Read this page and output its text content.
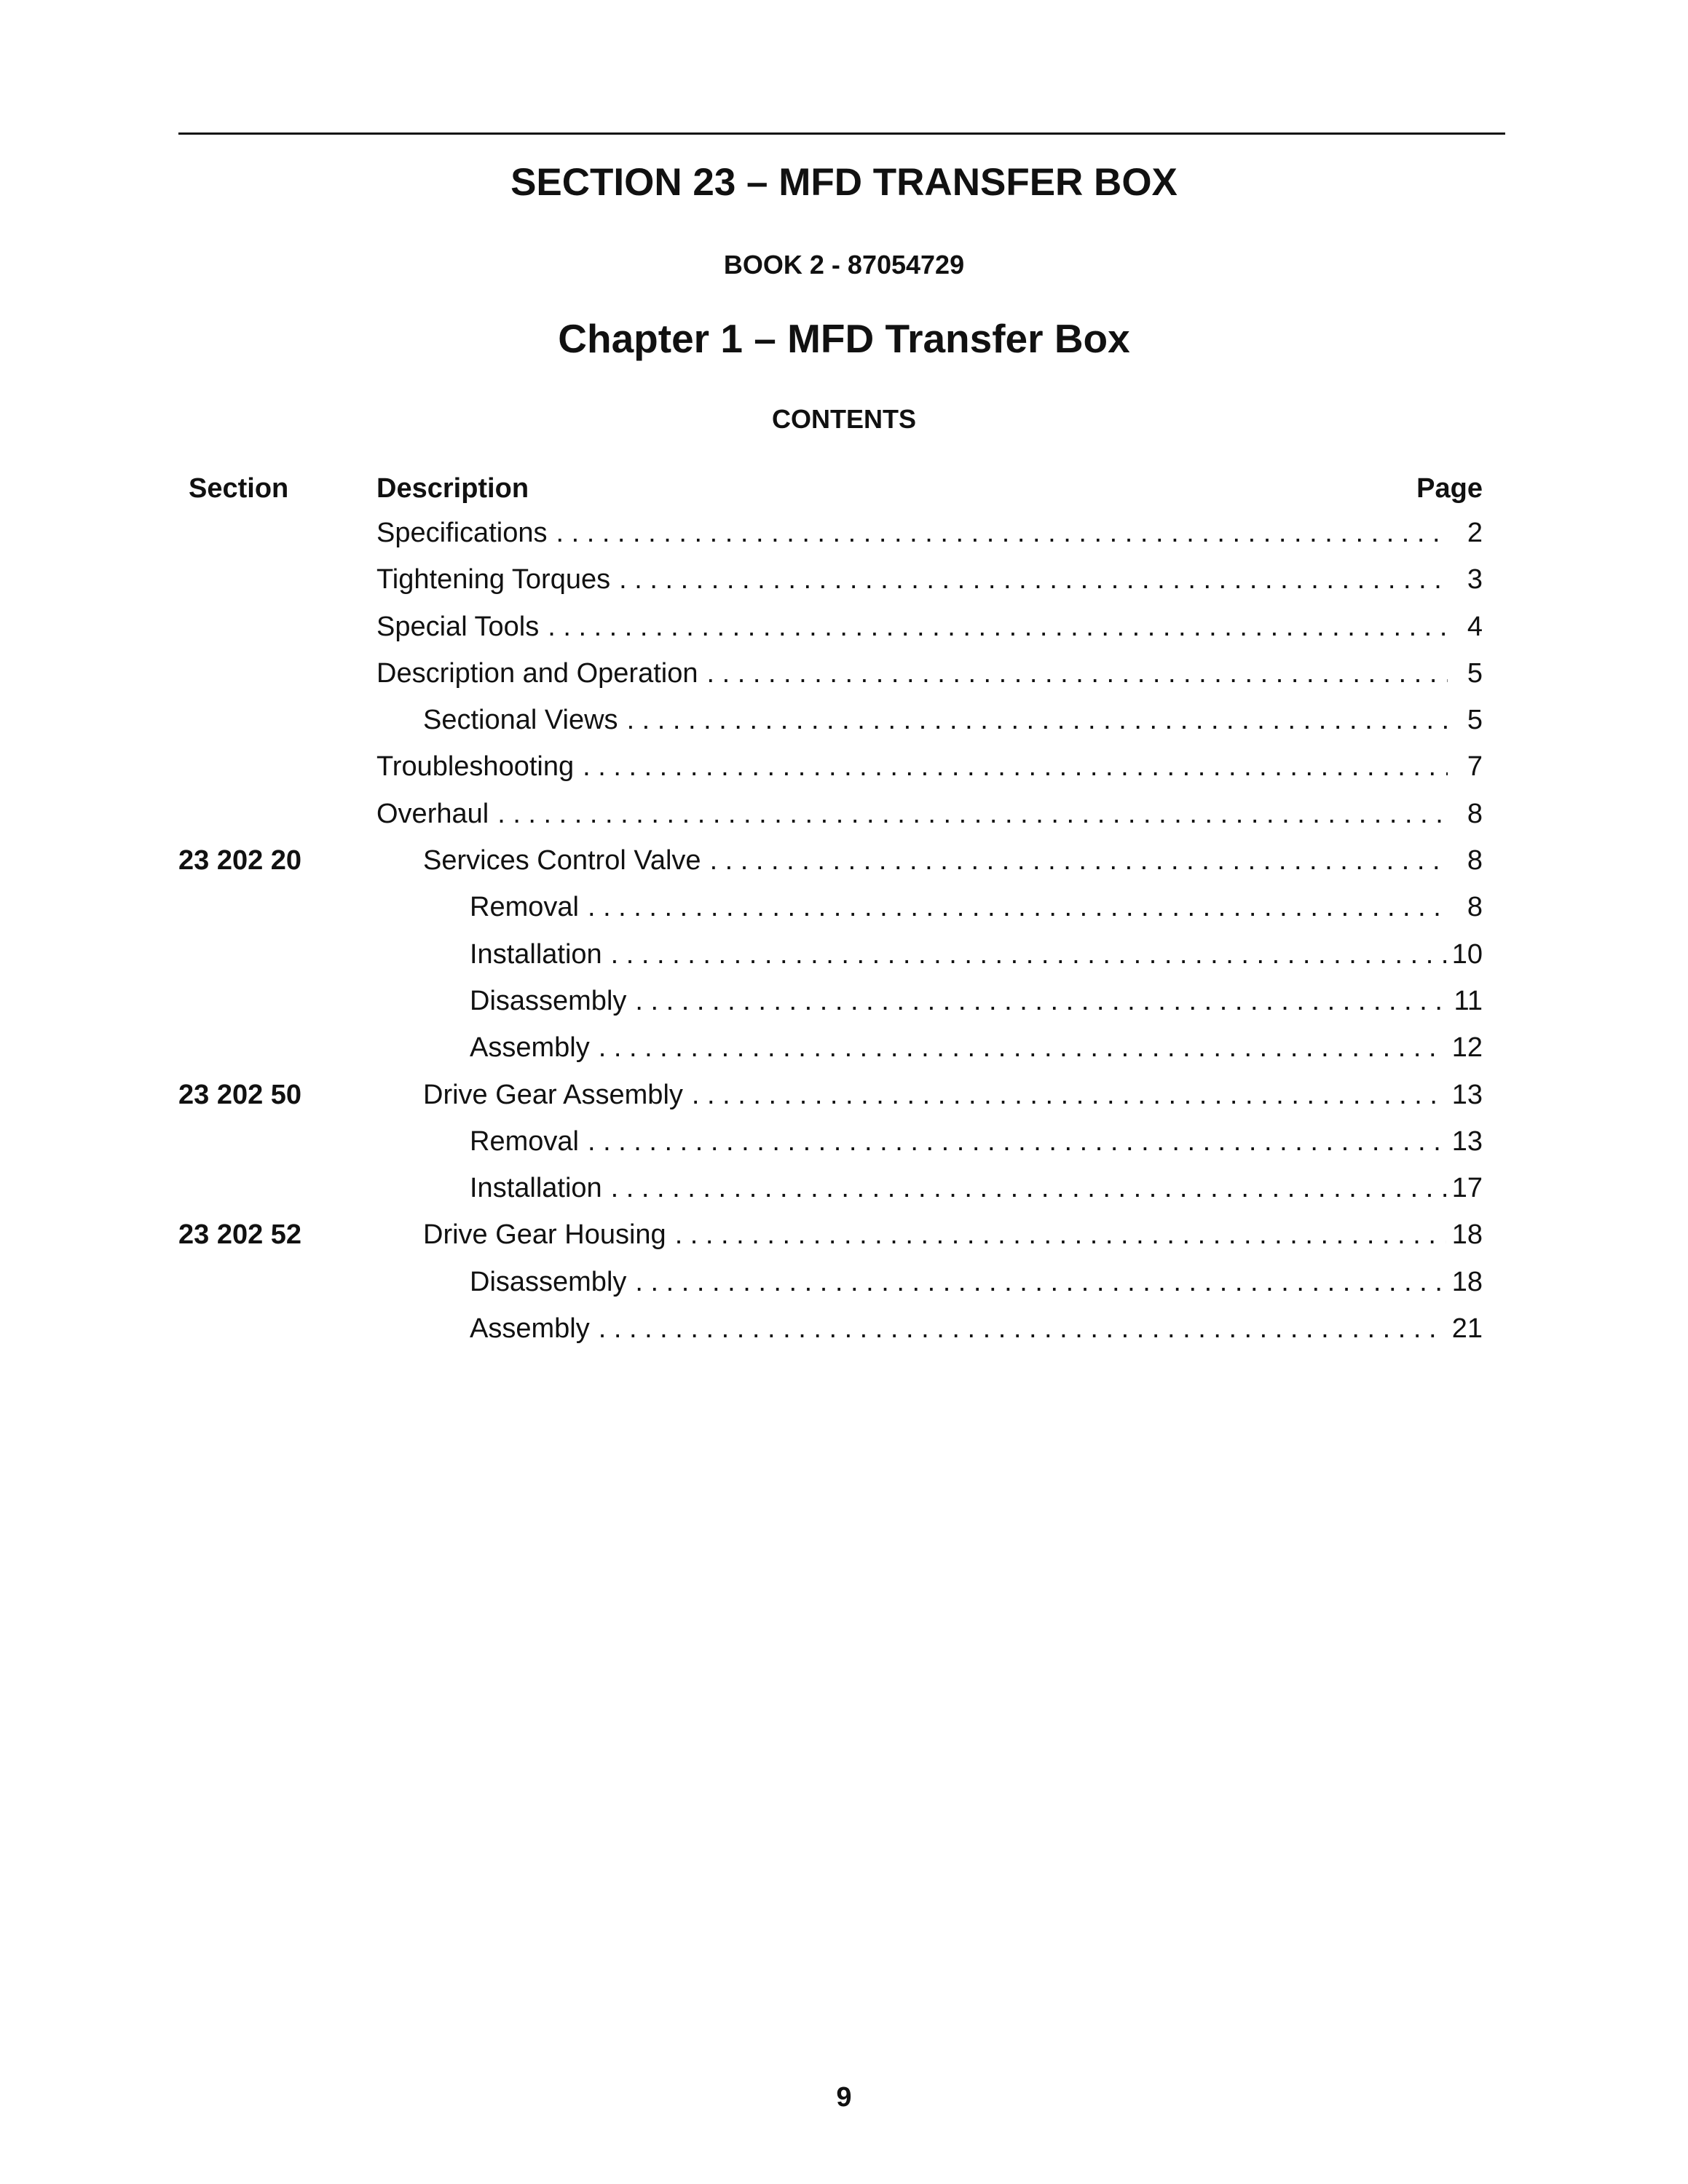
SECTION 23 – MFD TRANSFER BOX
BOOK 2 - 87054729
Chapter 1 – MFD Transfer Box
CONTENTS
Section	Description	Page
Specifications . . .	2
Tightening Torques . . .	3
Special Tools . . .	4
Description and Operation . . .	5
Sectional Views . . .	5
Troubleshooting . . .	7
Overhaul . . .	8
23 202 20	Services Control Valve . . .	8
Removal . . .	8
Installation . . .	10
Disassembly . . .	11
Assembly . . .	12
23 202 50	Drive Gear Assembly . . .	13
Removal . . .	13
Installation . . .	17
23 202 52	Drive Gear Housing . . .	18
Disassembly . . .	18
Assembly . . .	21
9
